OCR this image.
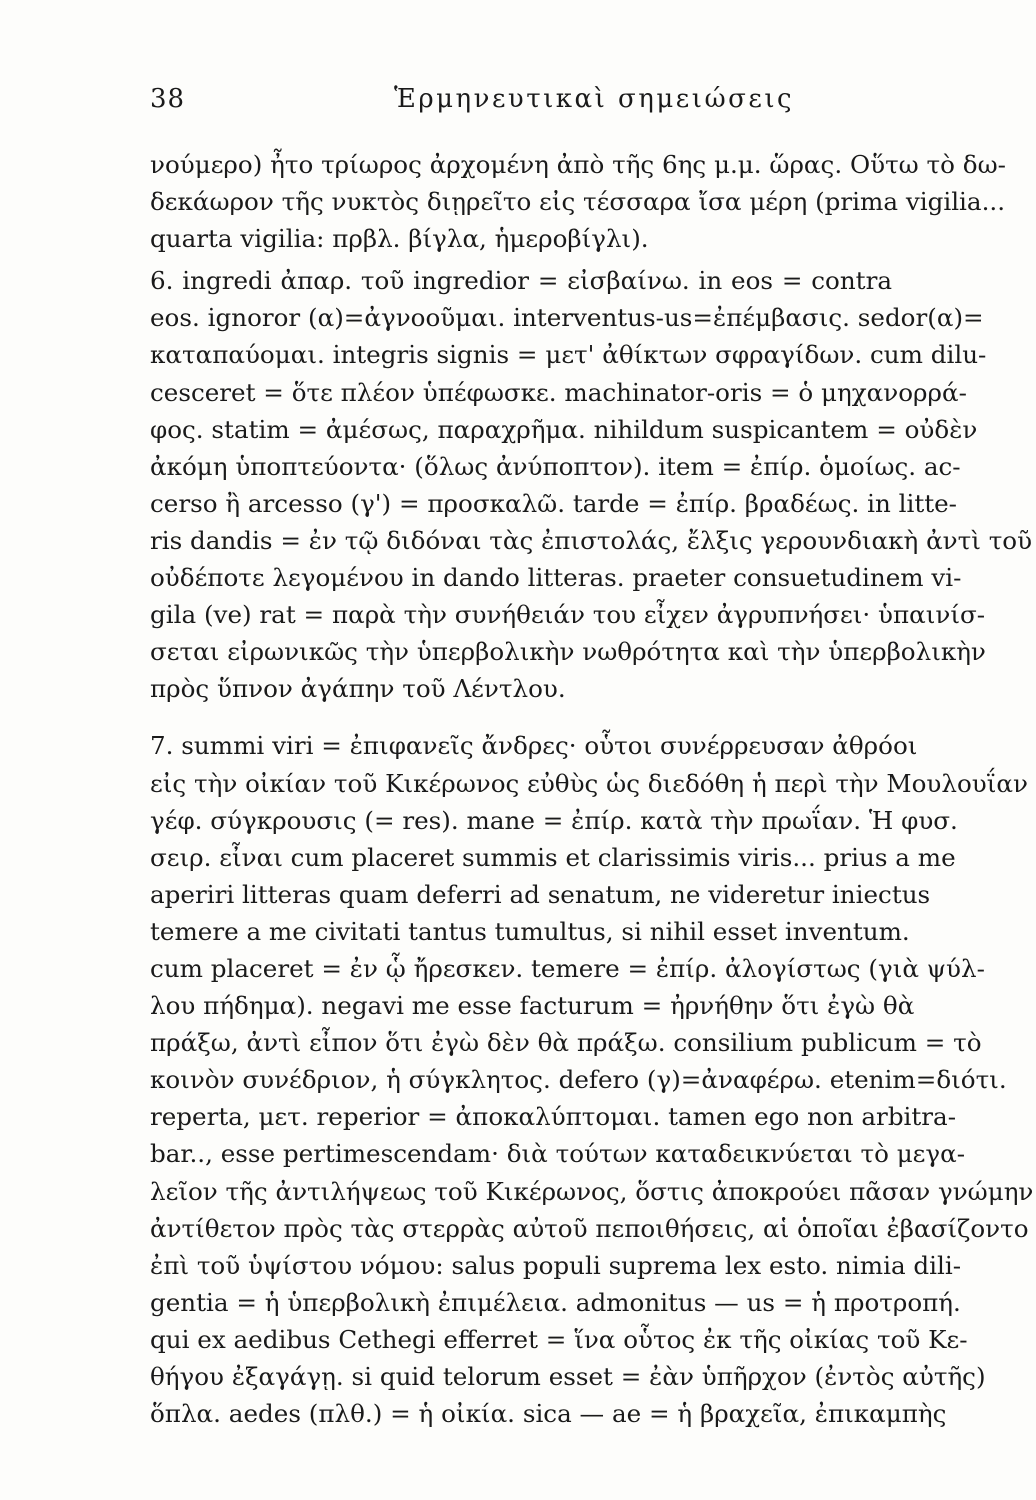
38	Ἑρμηνευτικαὶ σημειώσεις
νούμερο) ἦτο τρίωρος ἀρχομένη ἀπὸ τῆς 6ης μ.μ. ὥρας. Οὕτω τὸ δω-
δεκάωρον τῆς νυκτὸς διῃρεῖτο εἰς τέσσαρα ἴσα μέρη (prima vigilia...
quarta vigilia: πρβλ. βίγλα, ἡμεροβίγλι).
6. ingredi ἀπαρ. τοῦ ingredior = εἰσβαίνω. in eos = contra
eos. ignoror (α)=ἀγνοοῦμαι. interventus-us=ἐπέμβασις. sedor(α)=
καταπαύομαι. integris signis = μετ' ἀθίκτων σφραγίδων. cum dilu-
cesceret = ὅτε πλέον ὑπέφωσκε. machinator-oris = ὁ μηχανορρά-
φος. statim = ἀμέσως, παραχρῆμα. nihildum suspicantem = οὐδὲν
ἀκόμη ὑποπτεύοντα· (ὅλως ἀνύποπτον). item = ἐπίρ. ὁμοίως. ac-
cerso ἢ arcesso (γ') = προσκαλῶ. tarde = ἐπίρ. βραδέως. in litte-
ris dandis = ἐν τῷ διδόναι τὰς ἐπιστολάς, ἔλξις γερουνδιακὴ ἀντὶ τοῦ
οὐδέποτε λεγομένου in dando litteras. praeter consuetudinem vi-
gila (ve) rat = παρὰ τὴν συνήθειάν του εἶχεν ἀγρυπνήσει· ὑπαινίσ-
σεται εἰρωνικῶς τὴν ὑπερβολικὴν νωθρότητα καὶ τὴν ὑπερβολικὴν
πρὸς ὕπνον ἀγάπην τοῦ Λέντλου.
7. summi viri = ἐπιφανεῖς ἄνδρες· οὗτοι συνέρρευσαν ἀθρόοι
εἰς τὴν οἰκίαν τοῦ Κικέρωνος εὐθὺς ὡς διεδόθη ἡ περὶ τὴν Μουλουΐαν
γέφ. σύγκρουσις (= res). mane = ἐπίρ. κατὰ τὴν πρωΐαν. Ἡ φυσ.
σειρ. εἶναι cum placeret summis et clarissimis viris... prius a me
aperiri litteras quam deferri ad senatum, ne videretur iniectus
temere a me civitati tantus tumultus, si nihil esset inventum.
cum placeret = ἐν ᾧ ἤρεσκεν. temere = ἐπίρ. ἀλογίστως (γιὰ ψύλ-
λου πήδημα). negavi me esse facturum = ἠρνήθην ὅτι ἐγὼ θὰ
πράξω, ἀντὶ εἶπον ὅτι ἐγὼ δὲν θὰ πράξω. consilium publicum = τὸ
κοινὸν συνέδριον, ἡ σύγκλητος. defero (γ)=ἀναφέρω. etenim=διότι.
reperta, μετ. reperior = ἀποκαλύπτομαι. tamen ego non arbitra-
bar.., esse pertimescendam· διὰ τούτων καταδεικνύεται τὸ μεγα-
λεῖον τῆς ἀντιλήψεως τοῦ Κικέρωνος, ὅστις ἀποκρούει πᾶσαν γνώμην
ἀντίθετον πρὸς τὰς στερρὰς αὐτοῦ πεποιθήσεις, αἱ ὁποῖαι ἐβασίζοντο
ἐπὶ τοῦ ὑψίστου νόμου: salus populi suprema lex esto. nimia dili-
gentia = ἡ ὑπερβολικὴ ἐπιμέλεια. admonitus — us = ἡ προτροπή.
qui ex aedibus Cethegi efferret = ἵνα οὗτος ἐκ τῆς οἰκίας τοῦ Κε-
θήγου ἐξαγάγῃ. si quid telorum esset = ἐὰν ὑπῆρχον (ἐντὸς αὐτῆς)
ὅπλα. aedes (πλθ.) = ἡ οἰκία. sica — ae = ἡ βραχεῖα, ἐπικαμπὴς
